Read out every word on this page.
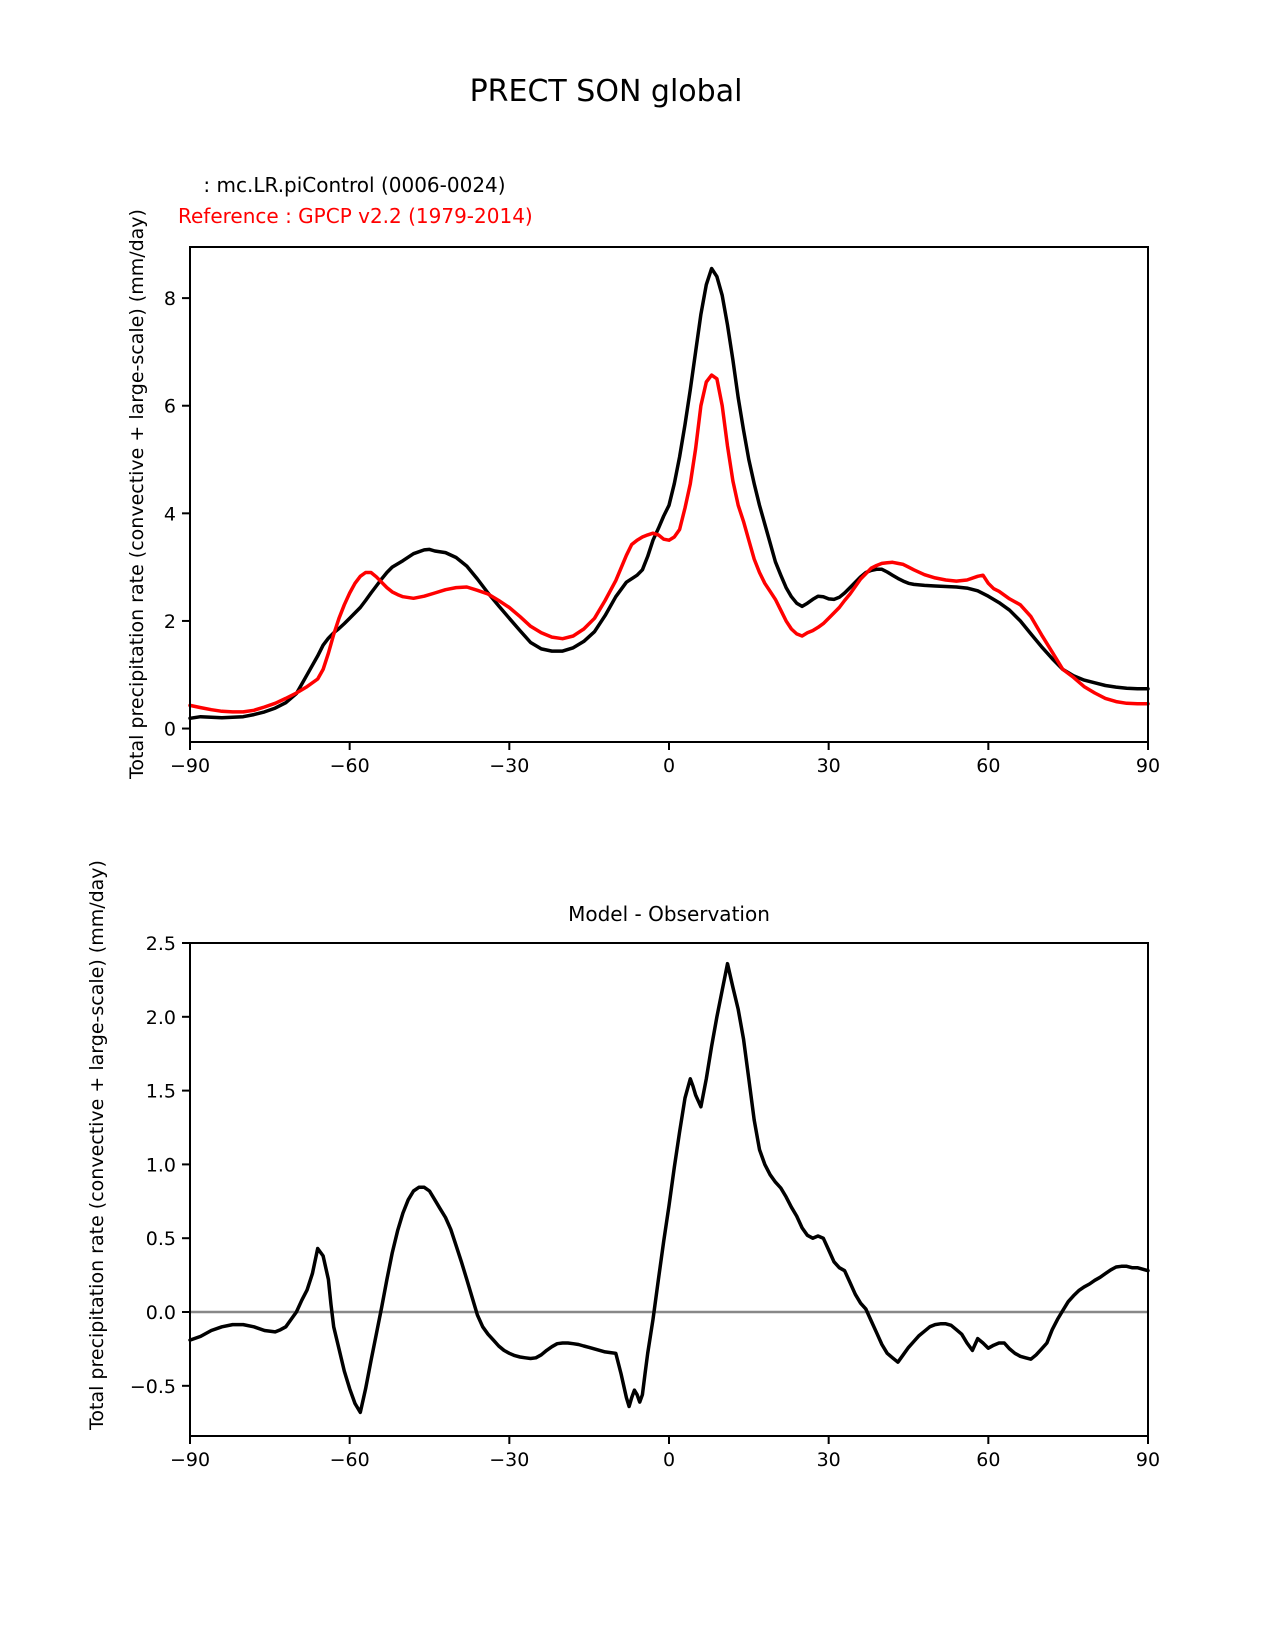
−90	−60	−30	0	30	60	90
0
2
4
6
8
−90	−60	−30	0	30	60	90
−0.5
0.0
0.5
1.0
1.5
2.0
2.5
PRECT SON global
: mc.LR.piControl (0006-0024)
Reference : GPCP v2.2 (1979-2014)
Total precipitation rate (convective + large-scale) (mm/day)
Model - Observation
Total precipitation rate (convective + large-scale) (mm/day)
